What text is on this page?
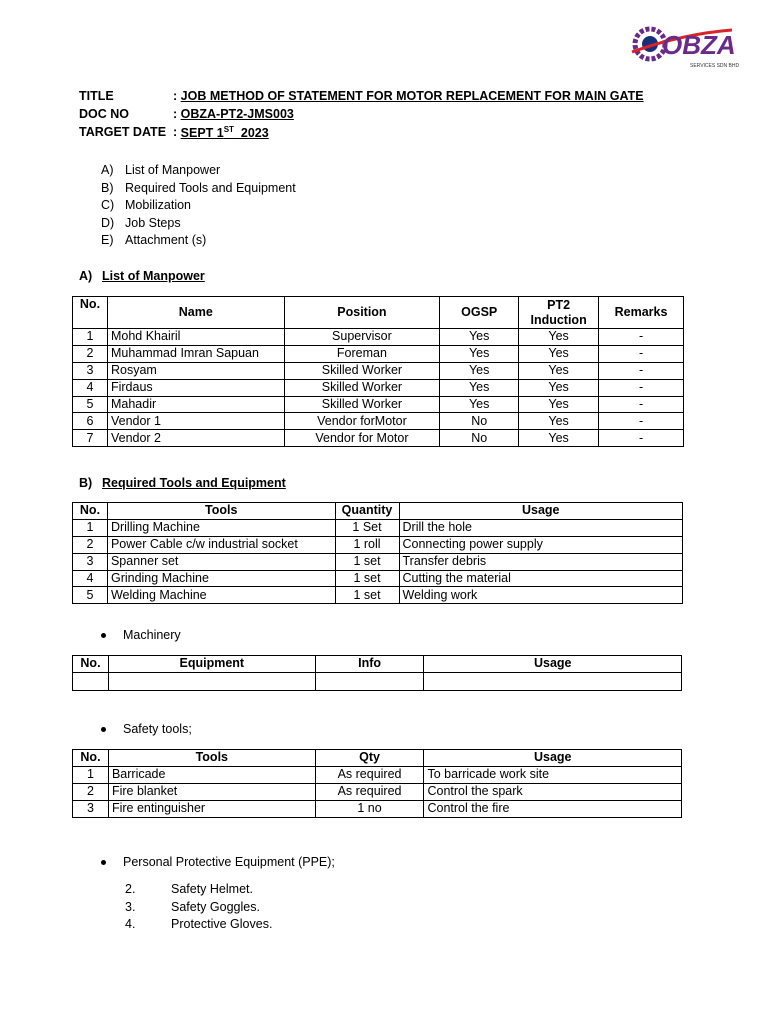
OBZA
SERVICES SDN BHD
TITLE	: JOB METHOD OF STATEMENT FOR MOTOR REPLACEMENT FOR MAIN GATE
DOC NO	: OBZA-PT2-JMS003
TARGET DATE : SEPT 1ST  2023
A) List of Manpower
B) Required Tools and Equipment
C) Mobilization
D) Job Steps
E) Attachment (s)
A) List of Manpower
No.	Name	Position	OGSP	PT2 Induction	Remarks
1	Mohd Khairil	Supervisor	Yes	Yes	-
2	Muhammad Imran Sapuan	Foreman	Yes	Yes	-
3	Rosyam	Skilled Worker	Yes	Yes	-
4	Firdaus	Skilled Worker	Yes	Yes	-
5	Mahadir	Skilled Worker	Yes	Yes	-
6	Vendor 1	Vendor forMotor	No	Yes	-
7	Vendor 2	Vendor for Motor	No	Yes	-
B) Required Tools and Equipment
No.	Tools	Quantity	Usage
1	Drilling Machine	1 Set	Drill the hole
2	Power Cable c/w industrial socket	1 roll	Connecting power supply
3	Spanner set	1 set	Transfer debris
4	Grinding Machine	1 set	Cutting the material
5	Welding Machine	1 set	Welding work
Machinery
No.	Equipment	Info	Usage

Safety tools;
No.	Tools	Qty	Usage
1	Barricade	As required	To barricade work site
2	Fire blanket	As required	Control the spark
3	Fire entinguisher	1 no	Control the fire
Personal Protective Equipment (PPE);
2.	Safety Helmet.
3.	Safety Goggles.
4.	Protective Gloves.
